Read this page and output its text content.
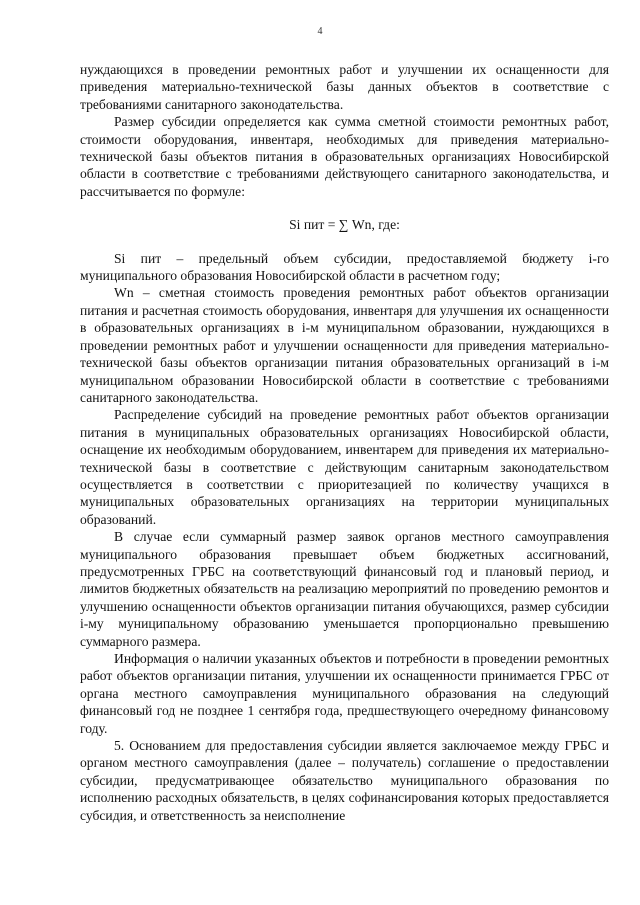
4

нуждающихся в проведении ремонтных работ и улучшении их оснащенности для приведения материально-технической базы данных объектов в соответствие с требованиями санитарного законодательства.

Размер субсидии определяется как сумма сметной стоимости ремонтных работ, стоимости оборудования, инвентаря, необходимых для приведения материально-технической базы объектов питания в образовательных организациях Новосибирской области в соответствие с требованиями действующего санитарного законодательства, и рассчитывается по формуле:

Si пит = ∑ Wn, где:

Si пит – предельный объем субсидии, предоставляемой бюджету i-го муниципального образования Новосибирской области в расчетном году;

Wn – сметная стоимость проведения ремонтных работ объектов организации питания и расчетная стоимость оборудования, инвентаря для улучшения их оснащенности в образовательных организациях в i-м муниципальном образовании, нуждающихся в проведении ремонтных работ и улучшении оснащенности для приведения материально-технической базы объектов организации питания образовательных организаций в i-м муниципальном образовании Новосибирской области в соответствие с требованиями санитарного законодательства.

Распределение субсидий на проведение ремонтных работ объектов организации питания в муниципальных образовательных организациях Новосибирской области, оснащение их необходимым оборудованием, инвентарем для приведения их материально-технической базы в соответствие с действующим санитарным законодательством осуществляется в соответствии с приоритезацией по количеству учащихся в муниципальных образовательных организациях на территории муниципальных образований.

В случае если суммарный размер заявок органов местного самоуправления муниципального образования превышает объем бюджетных ассигнований, предусмотренных ГРБС на соответствующий финансовый год и плановый период, и лимитов бюджетных обязательств на реализацию мероприятий по проведению ремонтов и улучшению оснащенности объектов организации питания обучающихся, размер субсидии i-му муниципальному образованию уменьшается пропорционально превышению суммарного размера.

Информация о наличии указанных объектов и потребности в проведении ремонтных работ объектов организации питания, улучшении их оснащенности принимается ГРБС от органа местного самоуправления муниципального образования на следующий финансовый год не позднее 1 сентября года, предшествующего очередному финансовому году.

5. Основанием для предоставления субсидии является заключаемое между ГРБС и органом местного самоуправления (далее – получатель) соглашение о предоставлении субсидии, предусматривающее обязательство муниципального образования по исполнению расходных обязательств, в целях софинансирования которых предоставляется субсидия, и ответственность за неисполнение
